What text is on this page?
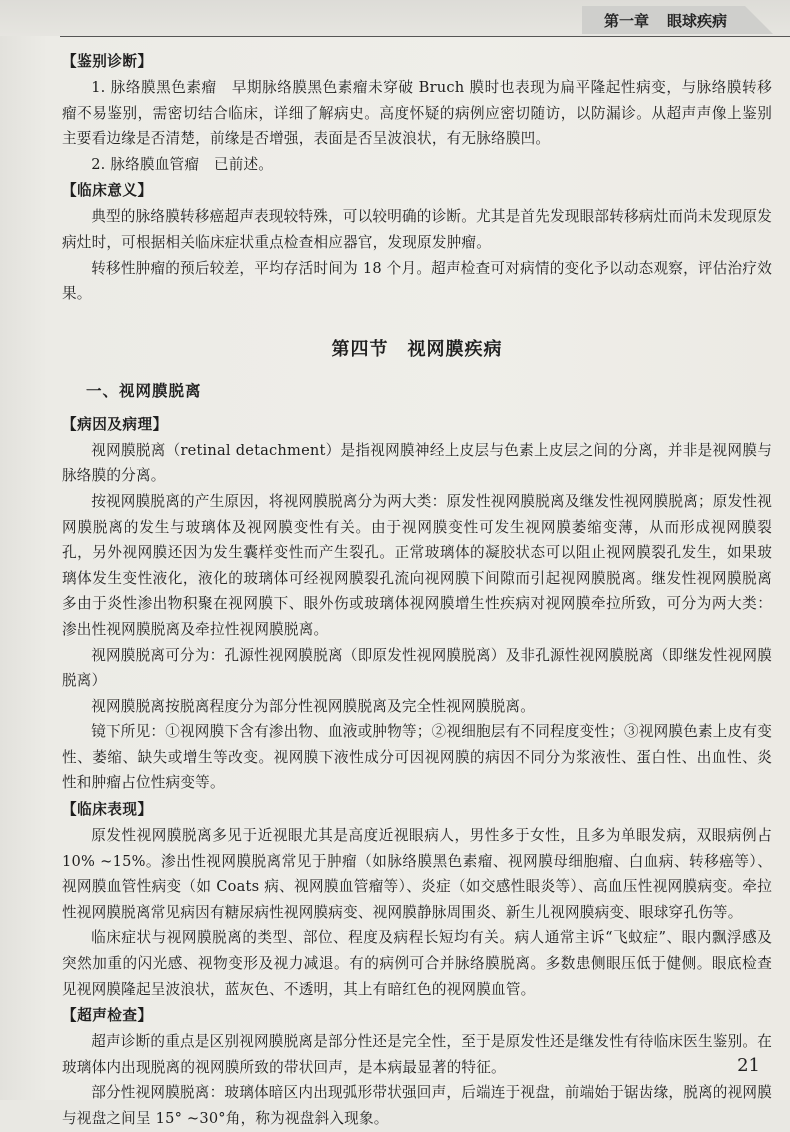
第一章 眼球疾病
【鉴别诊断】

1. 脉络膜黑色素瘤　早期脉络膜黑色素瘤未穿破 Bruch 膜时也表现为扁平隆起性病变，与脉络膜转移瘤不易鉴别，需密切结合临床，详细了解病史。高度怀疑的病例应密切随访，以防漏诊。从超声声像上鉴别主要看边缘是否清楚，前缘是否增强，表面是否呈波浪状，有无脉络膜凹。

2. 脉络膜血管瘤　已前述。

【临床意义】

典型的脉络膜转移癌超声表现较特殊，可以较明确的诊断。尤其是首先发现眼部转移病灶而尚未发现原发病灶时，可根据相关临床症状重点检查相应器官，发现原发肿瘤。

转移性肿瘤的预后较差，平均存活时间为 18 个月。超声检查可对病情的变化予以动态观察，评估治疗效果。

第四节　视网膜疾病
一、视网膜脱离
【病因及病理】

视网膜脱离（retinal detachment）是指视网膜神经上皮层与色素上皮层之间的分离，并非是视网膜与脉络膜的分离。

按视网膜脱离的产生原因，将视网膜脱离分为两大类：原发性视网膜脱离及继发性视网膜脱离；原发性视网膜脱离的发生与玻璃体及视网膜变性有关。由于视网膜变性可发生视网膜萎缩变薄，从而形成视网膜裂孔，另外视网膜还因为发生囊样变性而产生裂孔。正常玻璃体的凝胶状态可以阻止视网膜裂孔发生，如果玻璃体发生变性液化，液化的玻璃体可经视网膜裂孔流向视网膜下间隙而引起视网膜脱离。继发性视网膜脱离多由于炎性渗出物积聚在视网膜下、眼外伤或玻璃体视网膜增生性疾病对视网膜牵拉所致，可分为两大类：渗出性视网膜脱离及牵拉性视网膜脱离。

视网膜脱离可分为：孔源性视网膜脱离（即原发性视网膜脱离）及非孔源性视网膜脱离（即继发性视网膜脱离）

视网膜脱离按脱离程度分为部分性视网膜脱离及完全性视网膜脱离。

镜下所见：①视网膜下含有渗出物、血液或肿物等；②视细胞层有不同程度变性；③视网膜色素上皮有变性、萎缩、缺失或增生等改变。视网膜下液性成分可因视网膜的病因不同分为浆液性、蛋白性、出血性、炎性和肿瘤占位性病变等。

【临床表现】

原发性视网膜脱离多见于近视眼尤其是高度近视眼病人，男性多于女性，且多为单眼发病，双眼病例占 10% ~15%。渗出性视网膜脱离常见于肿瘤（如脉络膜黑色素瘤、视网膜母细胞瘤、白血病、转移癌等）、视网膜血管性病变（如 Coats 病、视网膜血管瘤等）、炎症（如交感性眼炎等）、高血压性视网膜病变。牵拉性视网膜脱离常见病因有糖尿病性视网膜病变、视网膜静脉周围炎、新生儿视网膜病变、眼球穿孔伤等。

临床症状与视网膜脱离的类型、部位、程度及病程长短均有关。病人通常主诉“飞蚊症”、眼内飘浮感及突然加重的闪光感、视物变形及视力减退。有的病例可合并脉络膜脱离。多数患侧眼压低于健侧。眼底检查见视网膜隆起呈波浪状，蓝灰色、不透明，其上有暗红色的视网膜血管。

【超声检查】

超声诊断的重点是区别视网膜脱离是部分性还是完全性，至于是原发性还是继发性有待临床医生鉴别。在玻璃体内出现脱离的视网膜所致的带状回声，是本病最显著的特征。

部分性视网膜脱离：玻璃体暗区内出现弧形带状强回声，后端连于视盘，前端始于锯齿缘，脱离的视网膜与视盘之间呈 15° ~30°角，称为视盘斜入现象。

21
